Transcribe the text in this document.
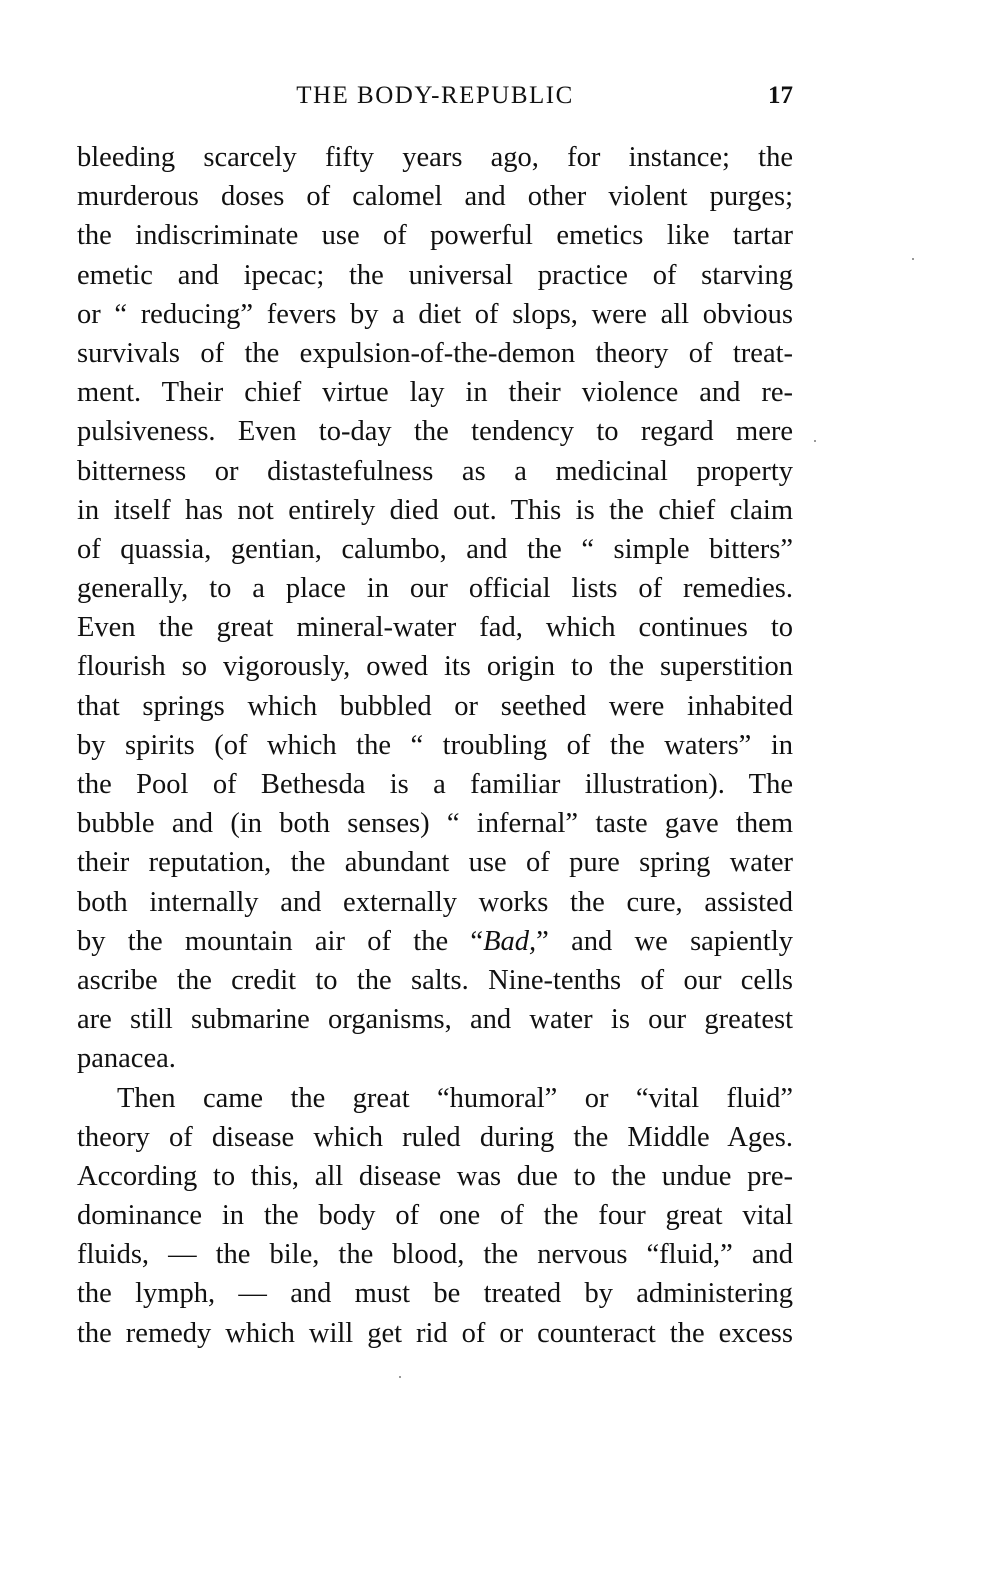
THE BODY-REPUBLIC	17
bleeding scarcely fifty years ago, for instance; the
murderous doses of calomel and other violent purges;
the indiscriminate use of powerful emetics like tartar
emetic and ipecac; the universal practice of starving
or “ reducing” fevers by a diet of slops, were all obvious
survivals of the expulsion-of-the-demon theory of treat-
ment. Their chief virtue lay in their violence and re-
pulsiveness. Even to-day the tendency to regard mere
bitterness or distastefulness as a medicinal property
in itself has not entirely died out. This is the chief claim
of quassia, gentian, calumbo, and the “ simple bitters”
generally, to a place in our official lists of remedies.
Even the great mineral-water fad, which continues to
flourish so vigorously, owed its origin to the superstition
that springs which bubbled or seethed were inhabited
by spirits (of which the “ troubling of the waters” in
the Pool of Bethesda is a familiar illustration). The
bubble and (in both senses) “ infernal” taste gave them
their reputation, the abundant use of pure spring water
both internally and externally works the cure, assisted
by the mountain air of the “Bad,” and we sapiently
ascribe the credit to the salts. Nine-tenths of our cells
are still submarine organisms, and water is our greatest
panacea.
Then came the great “humoral” or “vital fluid”
theory of disease which ruled during the Middle Ages.
According to this, all disease was due to the undue pre-
dominance in the body of one of the four great vital
fluids, — the bile, the blood, the nervous “fluid,” and
the lymph, — and must be treated by administering
the remedy which will get rid of or counteract the excess
